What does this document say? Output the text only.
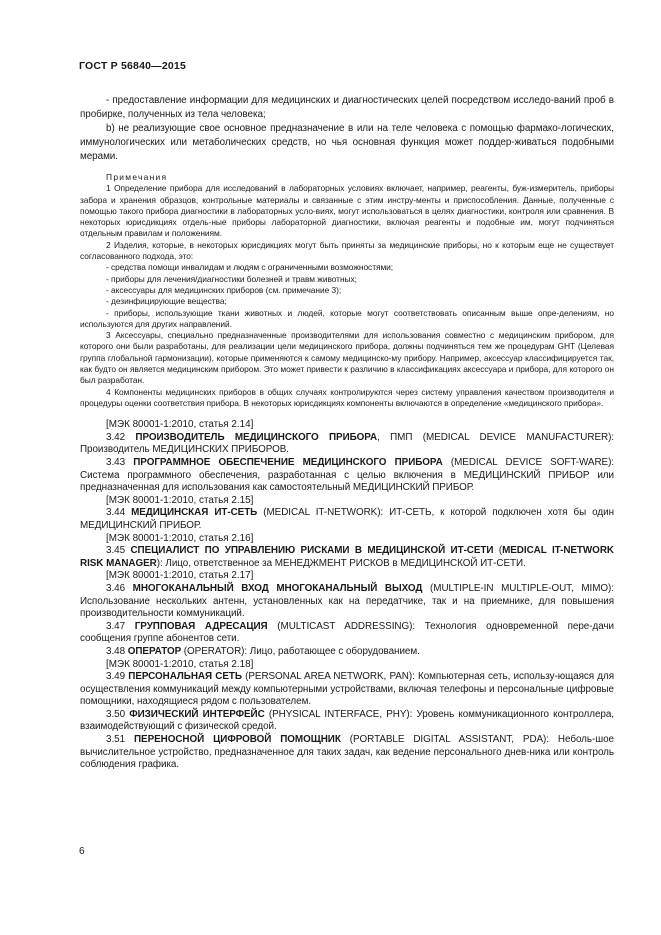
ГОСТ Р 56840—2015

- предоставление информации для медицинских и диагностических целей посредством исследо-ваний проб в пробирке, полученных из тела человека;

b) не реализующие свое основное предназначение в или на теле человека с помощью фармако-логических, иммунологических или метаболических средств, но чья основная функция может поддер-живаться подобными мерами.

Примечания

1 Определение прибора для исследований в лабораторных условиях включает, например, реагенты, буж-измеритель, приборы забора и хранения образцов, контрольные материалы и связанные с этим инстру-менты и приспособления. Данные, полученные с помощью такого прибора диагностики в лабораторных усло-виях, могут использоваться в целях диагностики, контроля или сравнения. В некоторых юрисдикциях отдель-ные приборы лабораторной диагностики, включая реагенты и подобные им, могут подчиняться отдельным правилам и положениям.

2 Изделия, которые, в некоторых юрисдикциях могут быть приняты за медицинские приборы, но к которым еще не существует согласованного подхода, это:

- средства помощи инвалидам и людям с ограниченными возможностями;

- приборы для лечения/диагностики болезней и травм животных;

- аксессуары для медицинских приборов (см. примечание 3);

- дезинфицирующие вещества;

- приборы, использующие ткани животных и людей, которые могут соответствовать описанным выше опре-делениям, но используются для других направлений.

3 Аксессуары, специально предназначенные производителями для использования совместно с медицинским прибором, для которого они были разработаны, для реализации цели медицинского прибора, должны подчиняться тем же процедурам GHT (Целевая группа глобальной гармонизации), которые применяются к самому медицинско-му прибору. Например, аксессуар классифицируется так, как будто он является медицинским прибором. Это может привести к различию в классификациях аксессуара и прибора, для которого он был разработан.

4 Компоненты медицинских приборов в общих случаях контролируются через систему управления качеством производителя и процедуры оценки соответствия прибора. В некоторых юрисдикциях компоненты включаются в определение «медицинского прибора».

[МЭК 80001-1:2010, статья 2.14]

3.42 ПРОИЗВОДИТЕЛЬ МЕДИЦИНСКОГО ПРИБОРА, ПМП (MEDICAL DEVICE MANUFACTURER): Производитель МЕДИЦИНСКИХ ПРИБОРОВ.

3.43 ПРОГРАММНОЕ ОБЕСПЕЧЕНИЕ МЕДИЦИНСКОГО ПРИБОРА (MEDICAL DEVICE SOFT-WARE): Система программного обеспечения, разработанная с целью включения в МЕДИЦИНСКИЙ ПРИБОР или предназначенная для использования как самостоятельный МЕДИЦИНСКИЙ ПРИБОР.

[МЭК 80001-1:2010, статья 2.15]

3.44 МЕДИЦИНСКАЯ ИТ-СЕТЬ (MEDICAL IT-NETWORK): ИТ-СЕТЬ, к которой подключен хотя бы один МЕДИЦИНСКИЙ ПРИБОР.

[МЭК 80001-1:2010, статья 2.16]

3.45 СПЕЦИАЛИСТ ПО УПРАВЛЕНИЮ РИСКАМИ В МЕДИЦИНСКОЙ ИТ-СЕТИ (MEDICAL IT-NETWORK RISK MANAGER): Лицо, ответственное за МЕНЕДЖМЕНТ РИСКОВ в МЕДИЦИНСКОЙ ИТ-СЕТИ.

[МЭК 80001-1:2010, статья 2.17]

3.46 МНОГОКАНАЛЬНЫЙ ВХОД МНОГОКАНАЛЬНЫЙ ВЫХОД (MULTIPLE-IN MULTIPLE-OUT, MIMO): Использование нескольких антенн, установленных как на передатчике, так и на приемнике, для повышения производительности коммуникаций.

3.47 ГРУППОВАЯ АДРЕСАЦИЯ (MULTICAST ADDRESSING): Технология одновременной пере-дачи сообщения группе абонентов сети.

3.48 ОПЕРАТОР (OPERATOR): Лицо, работающее с оборудованием.

[МЭК 80001-1:2010, статья 2.18]

3.49 ПЕРСОНАЛЬНАЯ СЕТЬ (PERSONAL AREA NETWORK, PAN): Компьютерная сеть, использу-ющаяся для осуществления коммуникаций между компьютерными устройствами, включая телефоны и персональные цифровые помощники, находящиеся рядом с пользователем.

3.50 ФИЗИЧЕСКИЙ ИНТЕРФЕЙС (PHYSICAL INTERFACE, PHY): Уровень коммуникационного контроллера, взаимодействующий с физической средой.

3.51 ПЕРЕНОСНОЙ ЦИФРОВОЙ ПОМОЩНИК (PORTABLE DIGITAL ASSISTANT, PDA): Неболь-шое вычислительное устройство, предназначенное для таких задач, как ведение персонального днев-ника или контроль соблюдения графика.

6
